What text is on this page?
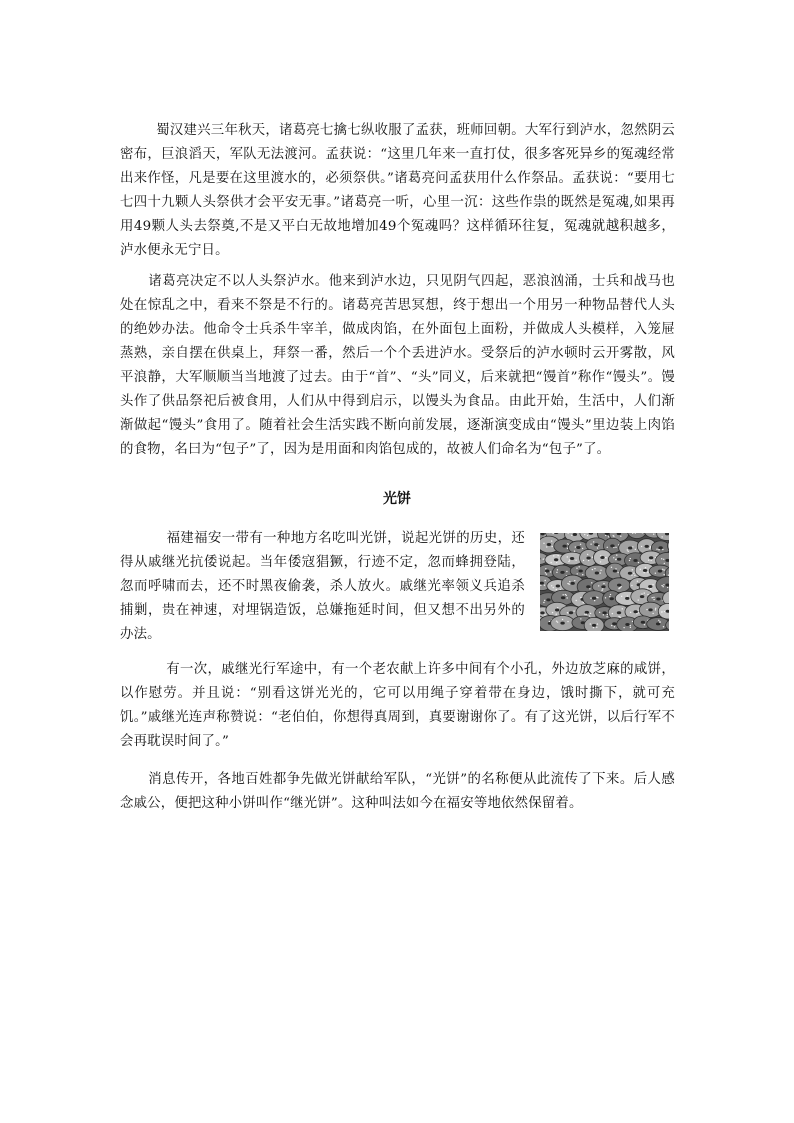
蜀汉建兴三年秋天，诸葛亮七擒七纵收服了孟获，班师回朝。大军行到泸水，忽然阴云密布，巨浪滔天，军队无法渡河。孟获说：“这里几年来一直打仗，很多客死异乡的冤魂经常出来作怪，凡是要在这里渡水的，必须祭供。”诸葛亮问孟获用什么作祭品。孟获说：“要用七七四十九颗人头祭供才会平安无事。”诸葛亮一听，心里一沉：这些作祟的既然是冤魂,如果再用49颗人头去祭奠,不是又平白无故地增加49个冤魂吗？这样循环往复，冤魂就越积越多，泸水便永无宁日。

诸葛亮决定不以人头祭泸水。他来到泸水边，只见阴气四起，恶浪汹涌，士兵和战马也处在惊乱之中，看来不祭是不行的。诸葛亮苦思冥想，终于想出一个用另一种物品替代人头的绝妙办法。他命令士兵杀牛宰羊，做成肉馅，在外面包上面粉，并做成人头模样，入笼屉蒸熟，亲自摆在供桌上，拜祭一番，然后一个个丢进泸水。受祭后的泸水顿时云开雾散，风平浪静，大军顺顺当当地渡了过去。由于“首”、“头”同义，后来就把“馒首”称作“馒头”。馒头作了供品祭祀后被食用，人们从中得到启示，以馒头为食品。由此开始，生活中，人们渐渐做起“馒头”食用了。随着社会生活实践不断向前发展，逐渐演变成由“馒头”里边装上肉馅的食物，名曰为“包子”了，因为是用面和肉馅包成的，故被人们命名为“包子”了。

光饼

福建福安一带有一种地方名吃叫光饼，说起光饼的历史，还得从戚继光抗倭说起。当年倭寇猖獗，行迹不定，忽而蜂拥登陆，忽而呼啸而去，还不时黑夜偷袭，杀人放火。戚继光率领义兵追杀捕剿，贵在神速，对埋锅造饭，总嫌拖延时间，但又想不出另外的办法。

有一次，戚继光行军途中，有一个老农献上许多中间有个小孔，外边放芝麻的咸饼，以作慰劳。并且说：“别看这饼光光的，它可以用绳子穿着带在身边，饿时撕下，就可充饥。”戚继光连声称赞说：“老伯伯，你想得真周到，真要谢谢你了。有了这光饼，以后行军不会再耽误时间了。”

消息传开，各地百姓都争先做光饼献给军队，“光饼”的名称便从此流传了下来。后人感念戚公，便把这种小饼叫作“继光饼”。这种叫法如今在福安等地依然保留着。
